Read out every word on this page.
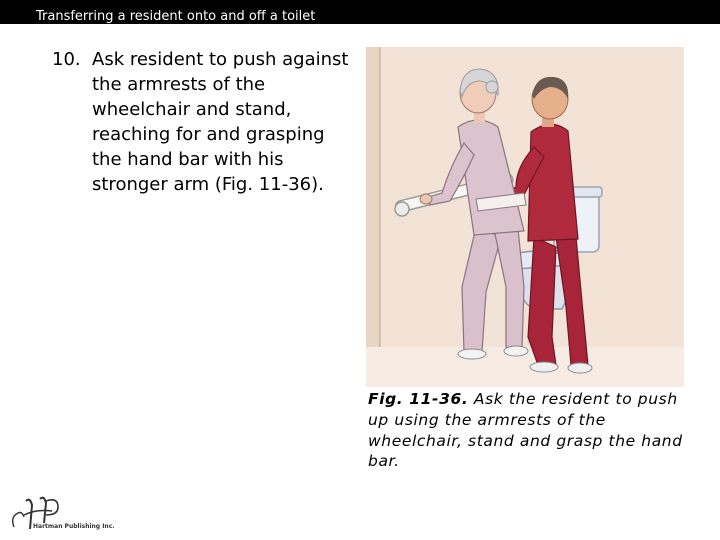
Transferring a resident onto and off a toilet
10. Ask resident to push against the armrests of the wheelchair and stand, reaching for and grasping the hand bar with his stronger arm (Fig. 11-36).
Fig. 11-36. Ask the resident to push up using the armrests of the wheelchair, stand and grasp the hand bar.
Hartman Publishing Inc.
